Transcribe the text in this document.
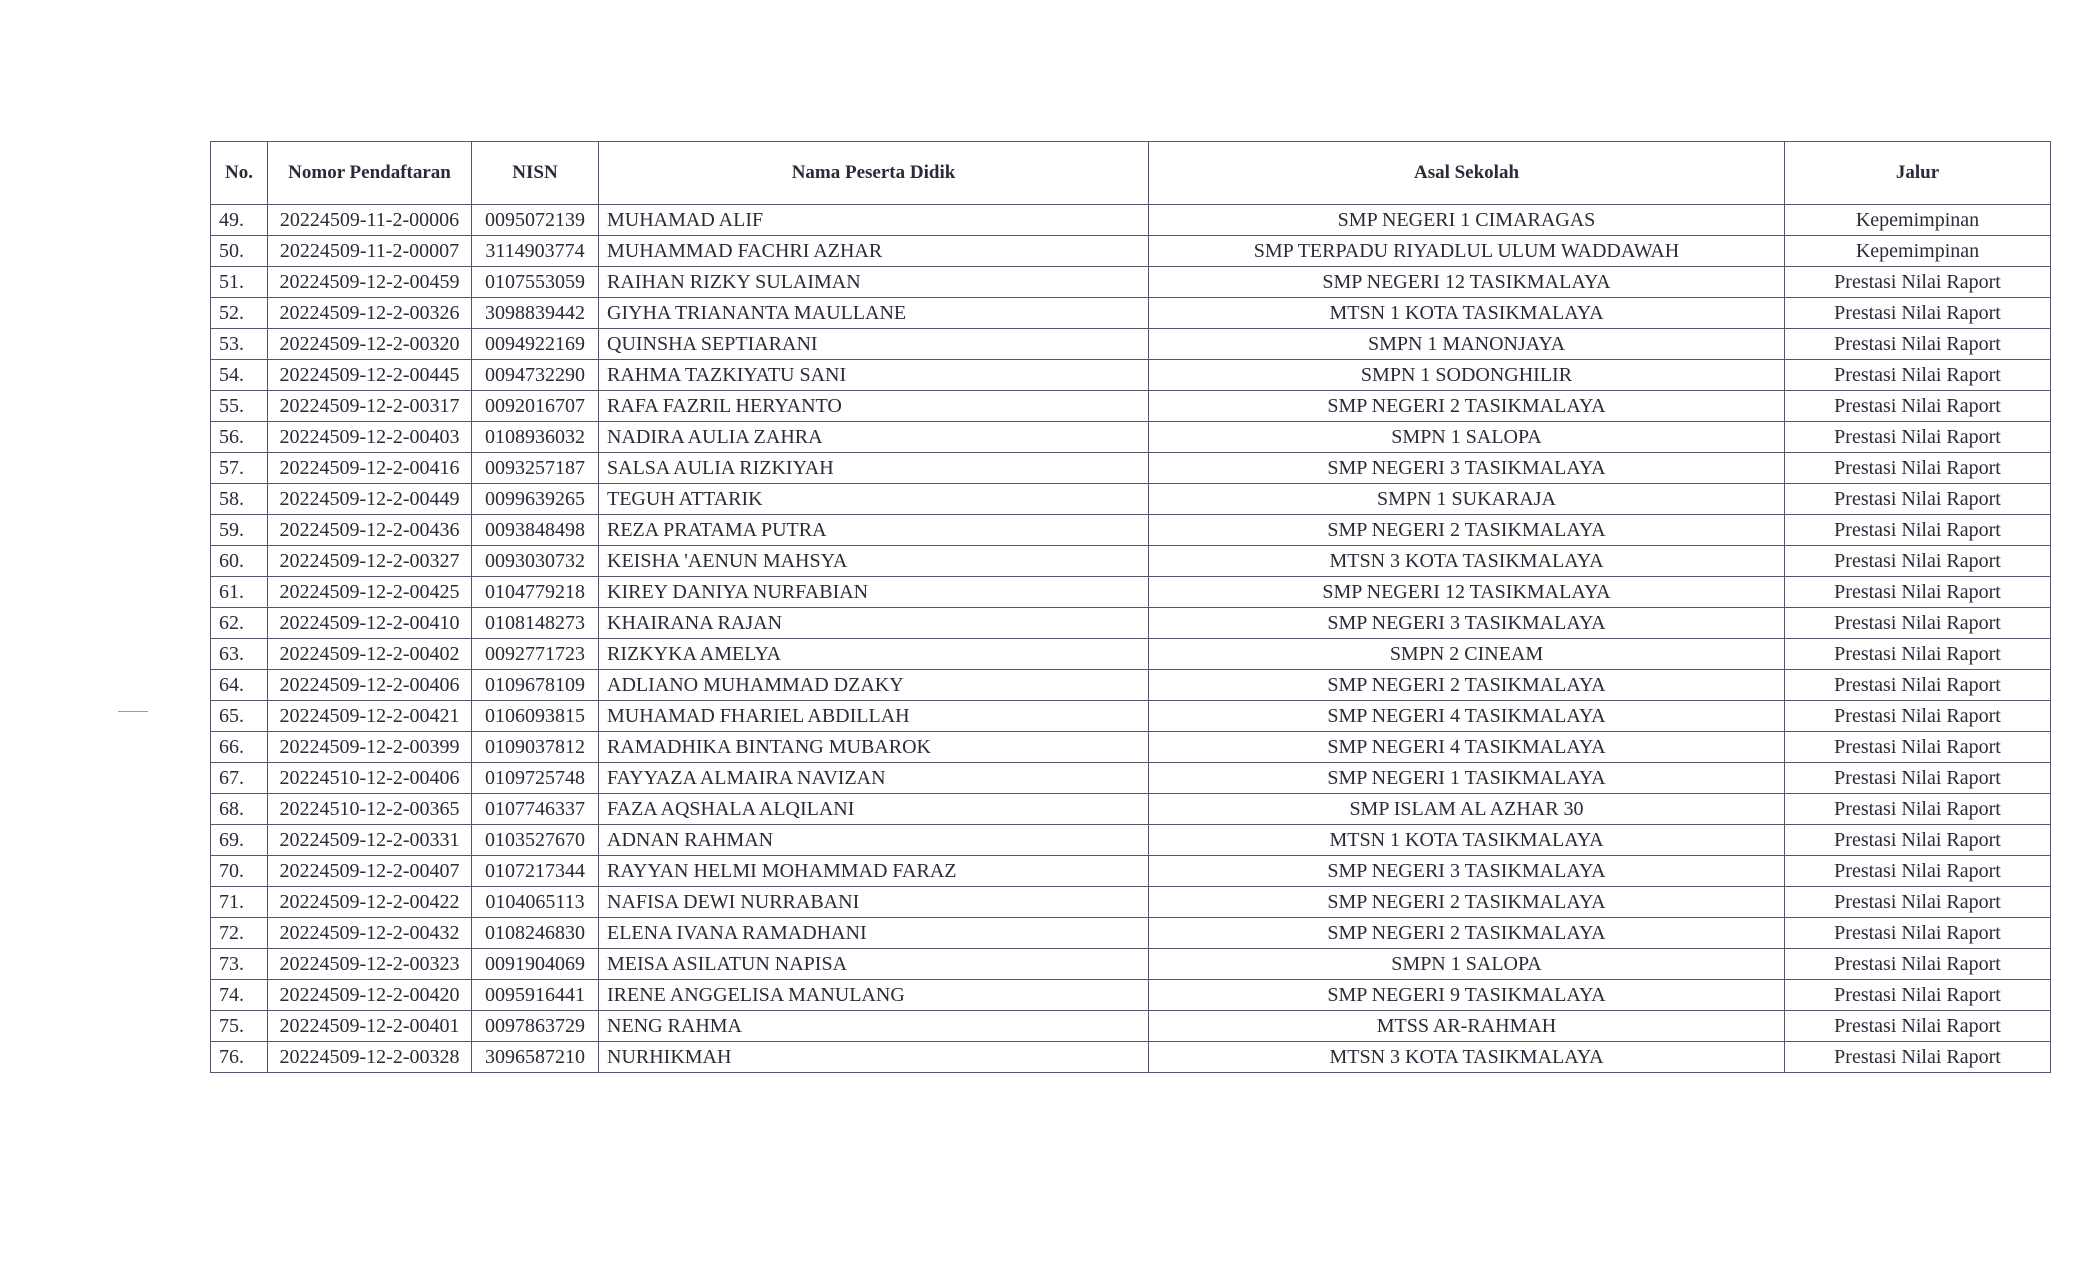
No.	Nomor Pendaftaran	NISN	Nama Peserta Didik	Asal Sekolah	Jalur
49.	20224509-11-2-00006	0095072139	MUHAMAD ALIF	SMP NEGERI 1 CIMARAGAS	Kepemimpinan
50.	20224509-11-2-00007	3114903774	MUHAMMAD FACHRI AZHAR	SMP TERPADU RIYADLUL ULUM WADDAWAH	Kepemimpinan
51.	20224509-12-2-00459	0107553059	RAIHAN RIZKY SULAIMAN	SMP NEGERI 12 TASIKMALAYA	Prestasi Nilai Raport
52.	20224509-12-2-00326	3098839442	GIYHA TRIANANTA MAULLANE	MTSN 1 KOTA TASIKMALAYA	Prestasi Nilai Raport
53.	20224509-12-2-00320	0094922169	QUINSHA SEPTIARANI	SMPN 1 MANONJAYA	Prestasi Nilai Raport
54.	20224509-12-2-00445	0094732290	RAHMA TAZKIYATU SANI	SMPN 1 SODONGHILIR	Prestasi Nilai Raport
55.	20224509-12-2-00317	0092016707	RAFA FAZRIL HERYANTO	SMP NEGERI 2 TASIKMALAYA	Prestasi Nilai Raport
56.	20224509-12-2-00403	0108936032	NADIRA AULIA ZAHRA	SMPN 1 SALOPA	Prestasi Nilai Raport
57.	20224509-12-2-00416	0093257187	SALSA AULIA RIZKIYAH	SMP NEGERI 3 TASIKMALAYA	Prestasi Nilai Raport
58.	20224509-12-2-00449	0099639265	TEGUH ATTARIK	SMPN 1 SUKARAJA	Prestasi Nilai Raport
59.	20224509-12-2-00436	0093848498	REZA PRATAMA PUTRA	SMP NEGERI 2 TASIKMALAYA	Prestasi Nilai Raport
60.	20224509-12-2-00327	0093030732	KEISHA 'AENUN MAHSYA	MTSN 3 KOTA TASIKMALAYA	Prestasi Nilai Raport
61.	20224509-12-2-00425	0104779218	KIREY DANIYA NURFABIAN	SMP NEGERI 12 TASIKMALAYA	Prestasi Nilai Raport
62.	20224509-12-2-00410	0108148273	KHAIRANA RAJAN	SMP NEGERI 3 TASIKMALAYA	Prestasi Nilai Raport
63.	20224509-12-2-00402	0092771723	RIZKYKA AMELYA	SMPN 2 CINEAM	Prestasi Nilai Raport
64.	20224509-12-2-00406	0109678109	ADLIANO MUHAMMAD DZAKY	SMP NEGERI 2 TASIKMALAYA	Prestasi Nilai Raport
65.	20224509-12-2-00421	0106093815	MUHAMAD FHARIEL ABDILLAH	SMP NEGERI 4 TASIKMALAYA	Prestasi Nilai Raport
66.	20224509-12-2-00399	0109037812	RAMADHIKA BINTANG MUBAROK	SMP NEGERI 4 TASIKMALAYA	Prestasi Nilai Raport
67.	20224510-12-2-00406	0109725748	FAYYAZA ALMAIRA NAVIZAN	SMP NEGERI 1 TASIKMALAYA	Prestasi Nilai Raport
68.	20224510-12-2-00365	0107746337	FAZA AQSHALA ALQILANI	SMP ISLAM AL AZHAR 30	Prestasi Nilai Raport
69.	20224509-12-2-00331	0103527670	ADNAN RAHMAN	MTSN 1 KOTA TASIKMALAYA	Prestasi Nilai Raport
70.	20224509-12-2-00407	0107217344	RAYYAN HELMI MOHAMMAD FARAZ	SMP NEGERI 3 TASIKMALAYA	Prestasi Nilai Raport
71.	20224509-12-2-00422	0104065113	NAFISA DEWI NURRABANI	SMP NEGERI 2 TASIKMALAYA	Prestasi Nilai Raport
72.	20224509-12-2-00432	0108246830	ELENA IVANA RAMADHANI	SMP NEGERI 2 TASIKMALAYA	Prestasi Nilai Raport
73.	20224509-12-2-00323	0091904069	MEISA ASILATUN NAPISA	SMPN 1 SALOPA	Prestasi Nilai Raport
74.	20224509-12-2-00420	0095916441	IRENE ANGGELISA MANULANG	SMP NEGERI 9 TASIKMALAYA	Prestasi Nilai Raport
75.	20224509-12-2-00401	0097863729	NENG RAHMA	MTSS AR-RAHMAH	Prestasi Nilai Raport
76.	20224509-12-2-00328	3096587210	NURHIKMAH	MTSN 3 KOTA TASIKMALAYA	Prestasi Nilai Raport
